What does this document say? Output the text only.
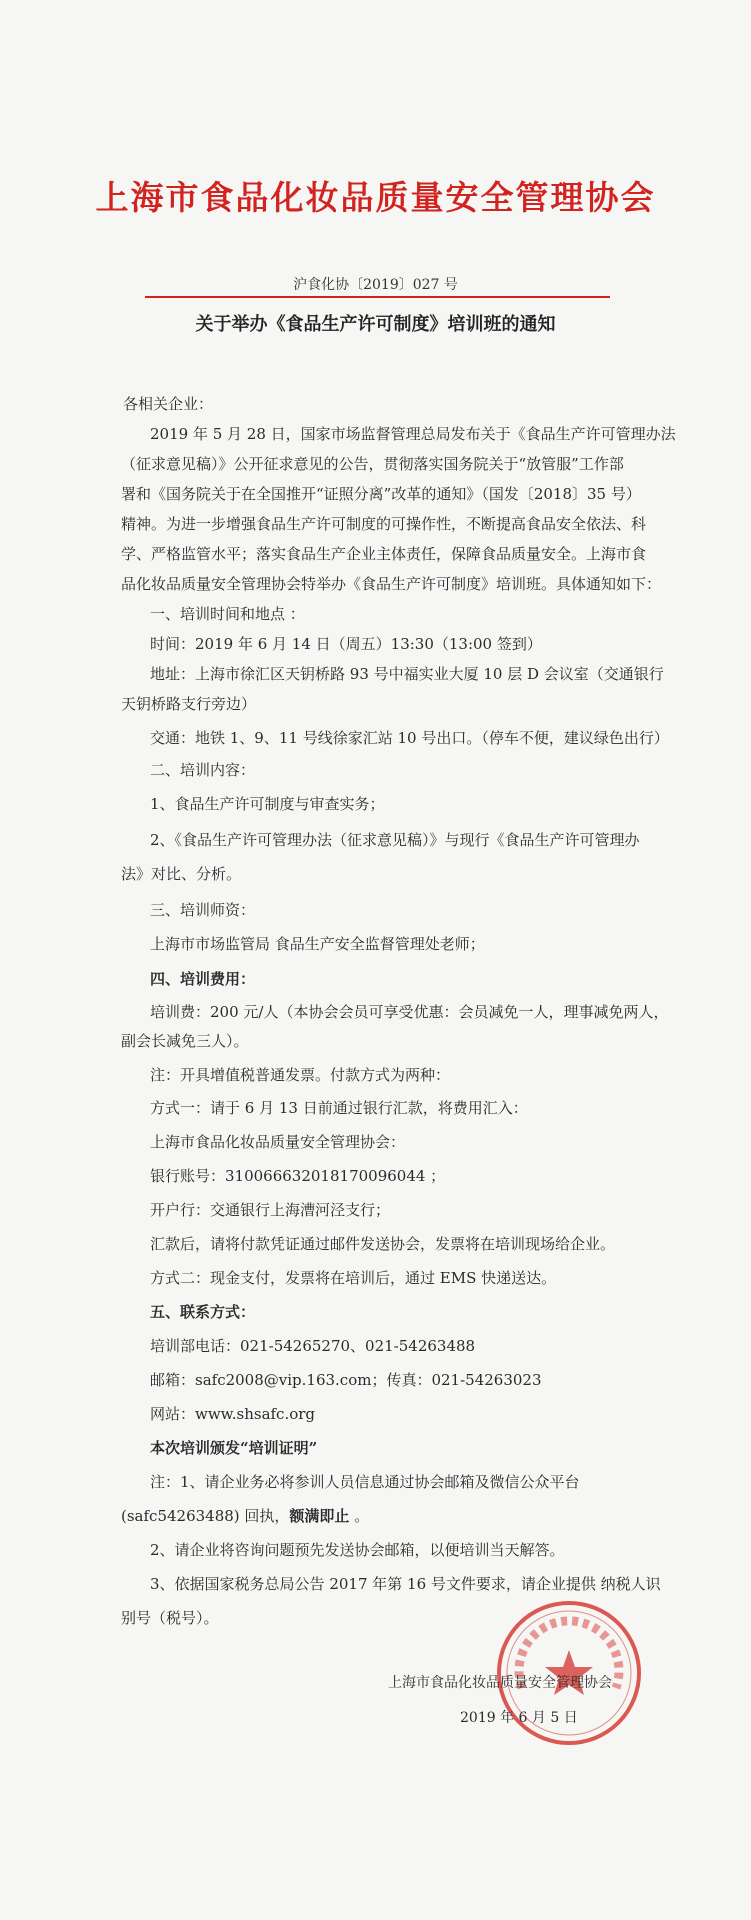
上海市食品化妆品质量安全管理协会
沪食化协〔2019〕027 号
关于举办《食品生产许可制度》培训班的通知
各相关企业：
2019 年 5 月 28 日，国家市场监督管理总局发布关于《食品生产许可管理办法
（征求意见稿）》公开征求意见的公告，贯彻落实国务院关于“放管服”工作部
署和《国务院关于在全国推开“证照分离”改革的通知》（国发〔2018〕35 号）
精神。为进一步增强食品生产许可制度的可操作性，不断提高食品安全依法、科
学、严格监管水平；落实食品生产企业主体责任，保障食品质量安全。上海市食
品化妆品质量安全管理协会特举办《食品生产许可制度》培训班。具体通知如下：
一、培训时间和地点 ：
时间：2019 年 6 月 14 日（周五）13:30（13:00 签到）
地址：上海市徐汇区天钥桥路 93 号中福实业大厦 10 层 D 会议室（交通银行
天钥桥路支行旁边）
交通：地铁 1、9、11 号线徐家汇站 10 号出口。（停车不便，建议绿色出行）
二、培训内容：
1、食品生产许可制度与审查实务；
2、《食品生产许可管理办法（征求意见稿）》与现行《食品生产许可管理办
法》对比、分析。
三、培训师资：
上海市市场监管局 食品生产安全监督管理处老师；
四、培训费用：
培训费：200 元/人（本协会会员可享受优惠：会员减免一人，理事减免两人，
副会长减免三人）。
注：开具增值税普通发票。付款方式为两种：
方式一：请于 6 月 13 日前通过银行汇款，将费用汇入：
上海市食品化妆品质量安全管理协会：
银行账号：310066632018170096044 ；
开户行：交通银行上海漕河泾支行；
汇款后，请将付款凭证通过邮件发送协会，发票将在培训现场给企业。
方式二：现金支付，发票将在培训后，通过 EMS 快递送达。
五、联系方式：
培训部电话：021-54265270、021-54263488
邮箱：safc2008@vip.163.com；传真：021-54263023
网站：www.shsafc.org
本次培训颁发“培训证明”
注：1、请企业务必将参训人员信息通过协会邮箱及微信公众平台
(safc54263488) 回执，额满即止 。
2、请企业将咨询问题预先发送协会邮箱，以便培训当天解答。
3、依据国家税务总局公告 2017 年第 16 号文件要求，请企业提供 纳税人识
别号（税号）。
上海市食品化妆品质量安全管理协会
2019 年 6 月 5 日
